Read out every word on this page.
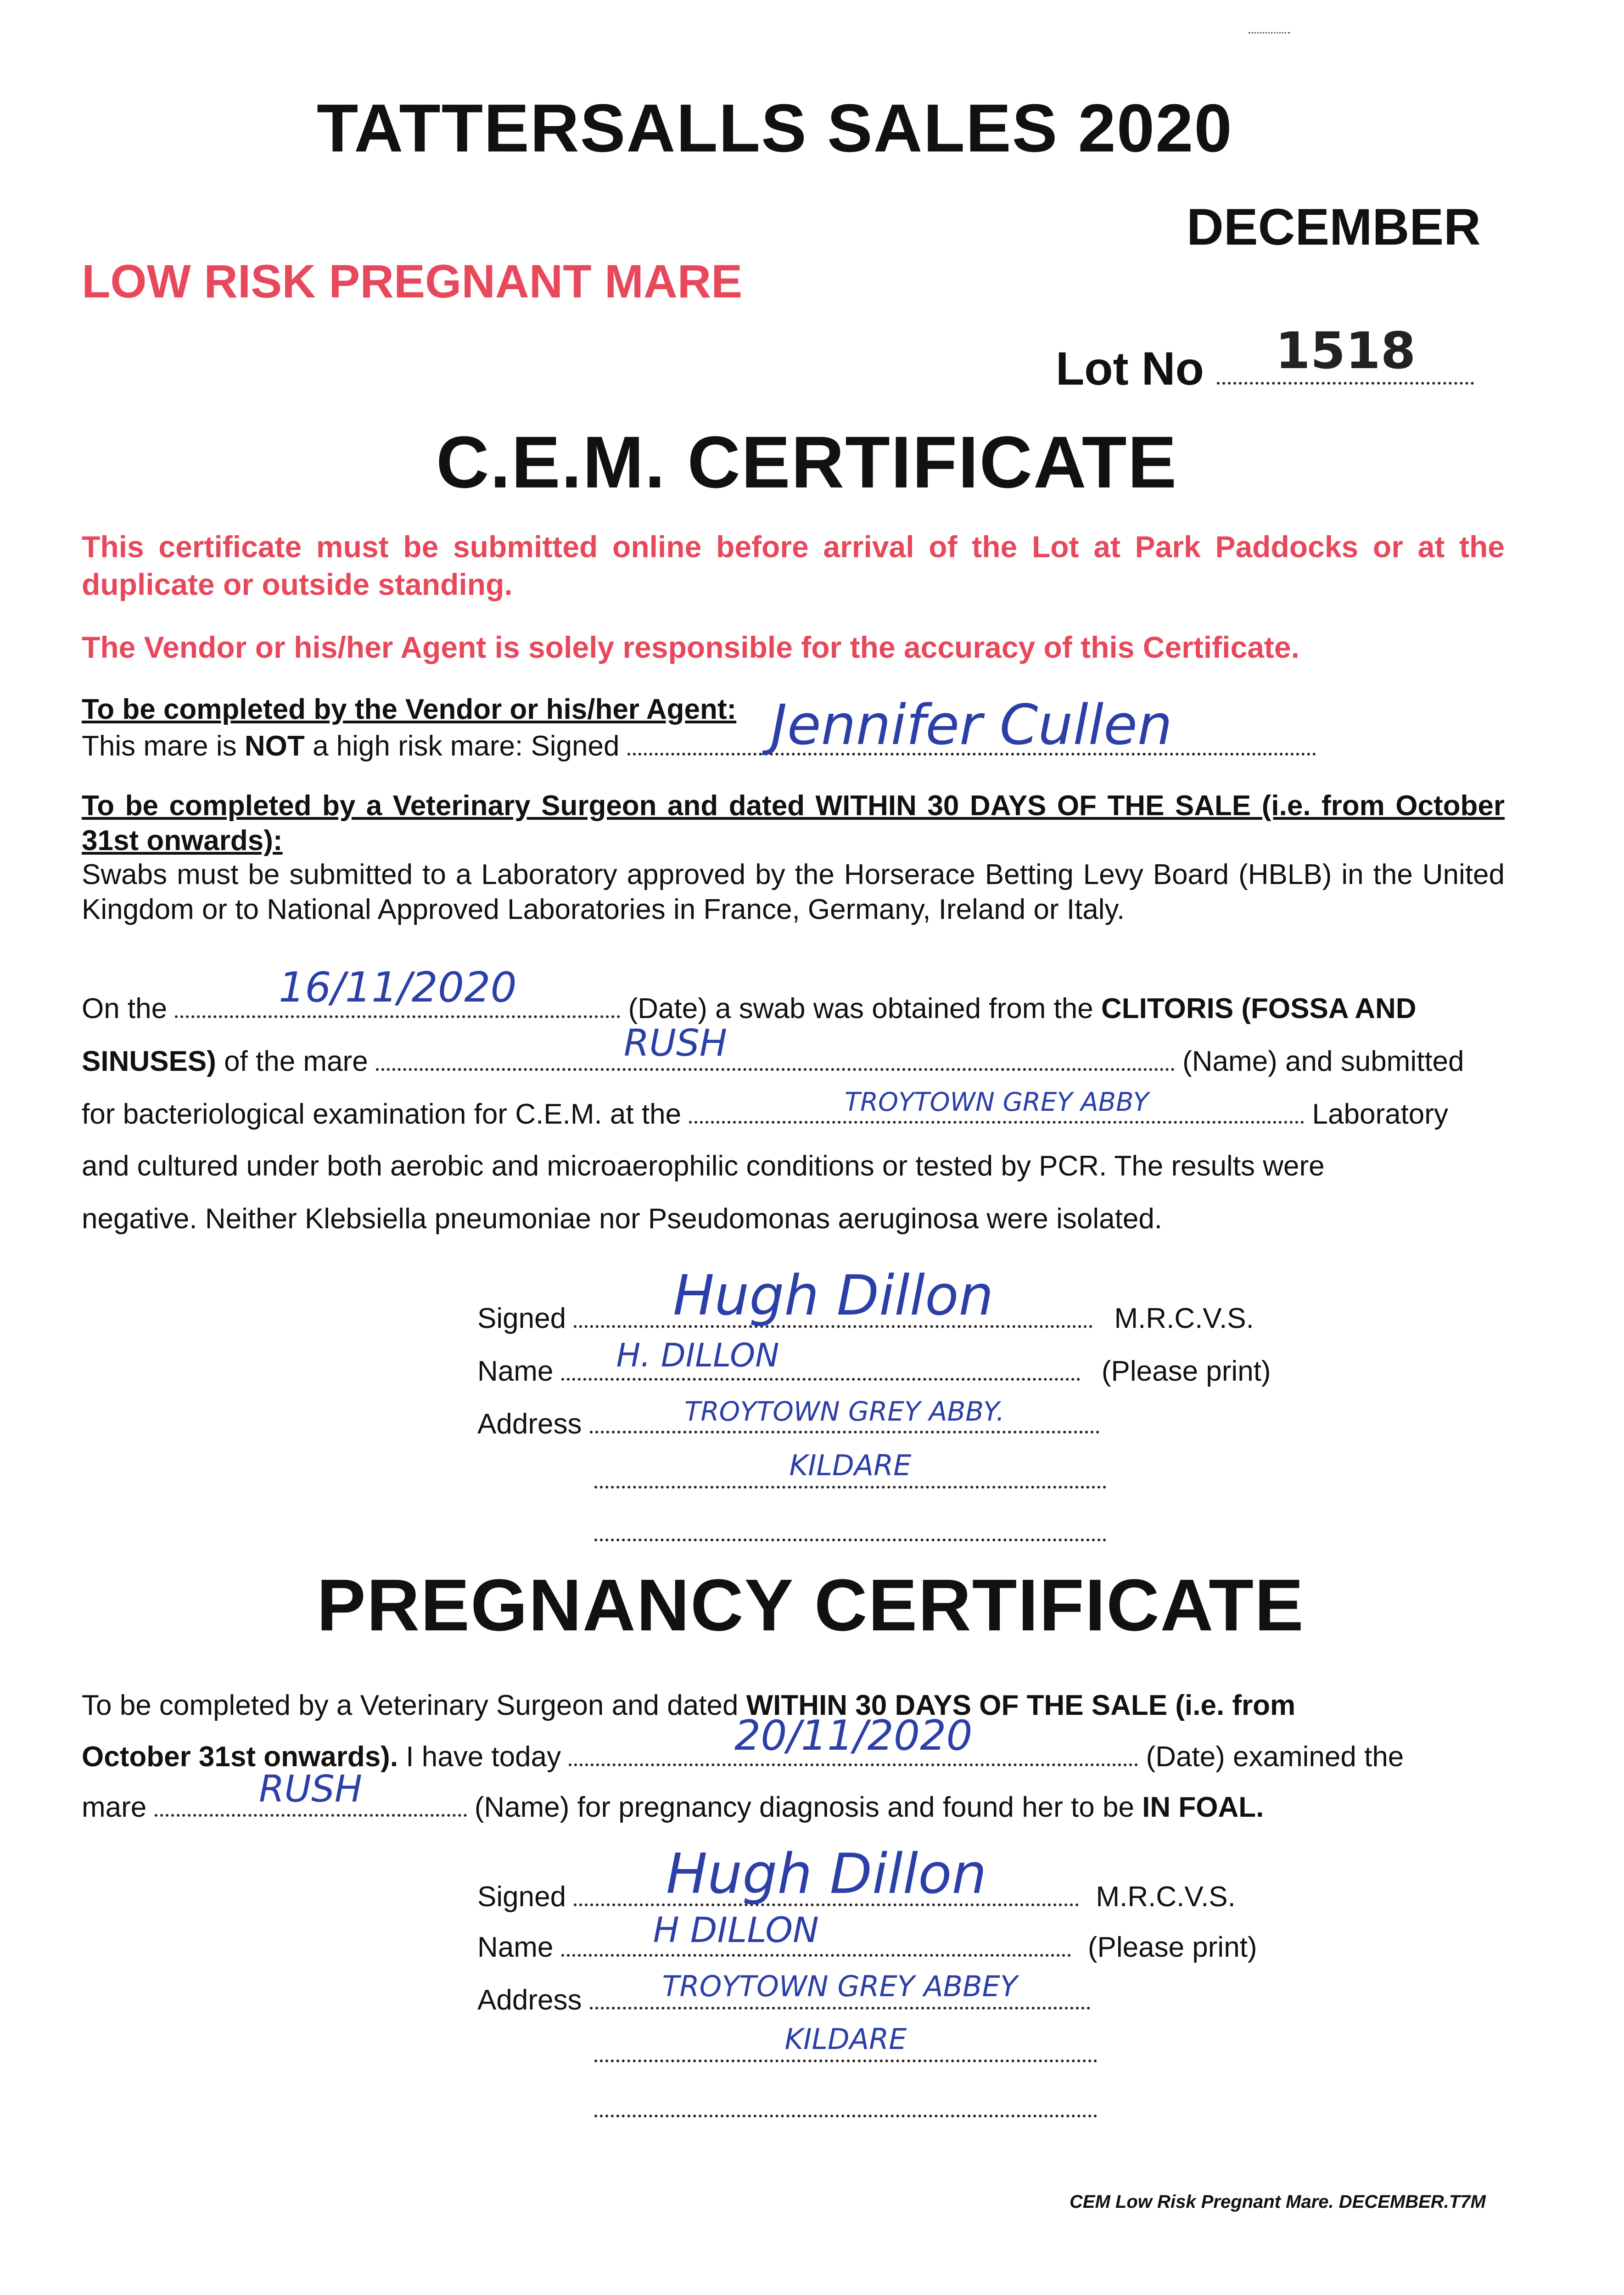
TATTERSALLS SALES 2020
DECEMBER
LOW RISK PREGNANT MARE
Lot No	1518
C.E.M. CERTIFICATE
This certificate must be submitted online before arrival of the Lot at Park Paddocks or at the duplicate or outside standing.
The Vendor or his/her Agent is solely responsible for the accuracy of this Certificate.
To be completed by the Vendor or his/her Agent:
This mare is NOT a high risk mare: Signed	Jennifer Cullen
To be completed by a Veterinary Surgeon and dated WITHIN 30 DAYS OF THE SALE (i.e. from October 31st onwards):
Swabs must be submitted to a Laboratory approved by the Horserace Betting Levy Board (HBLB) in the United Kingdom or to National Approved Laboratories in France, Germany, Ireland or Italy.
On the	16/11/2020	(Date) a swab was obtained from the CLITORIS (FOSSA AND
SINUSES) of the mare	RUSH	(Name) and submitted
for bacteriological examination for C.E.M. at the	TROYTOWN GREY ABBY	Laboratory
and cultured under both aerobic and microaerophilic conditions or tested by PCR. The results were
negative. Neither Klebsiella pneumoniae nor Pseudomonas aeruginosa were isolated.
Signed	Hugh Dillon	M.R.C.V.S.
Name	H. DILLON	(Please print)
Address	TROYTOWN GREY ABBY.
KILDARE
PREGNANCY CERTIFICATE
To be completed by a Veterinary Surgeon and dated WITHIN 30 DAYS OF THE SALE (i.e. from
October 31st onwards). I have today	20/11/2020	(Date) examined the
mare	RUSH	(Name) for pregnancy diagnosis and found her to be IN FOAL.
Signed	Hugh Dillon	M.R.C.V.S.
Name	H DILLON	(Please print)
Address	TROYTOWN GREY ABBEY
KILDARE
CEM Low Risk Pregnant Mare. DECEMBER.T7M
